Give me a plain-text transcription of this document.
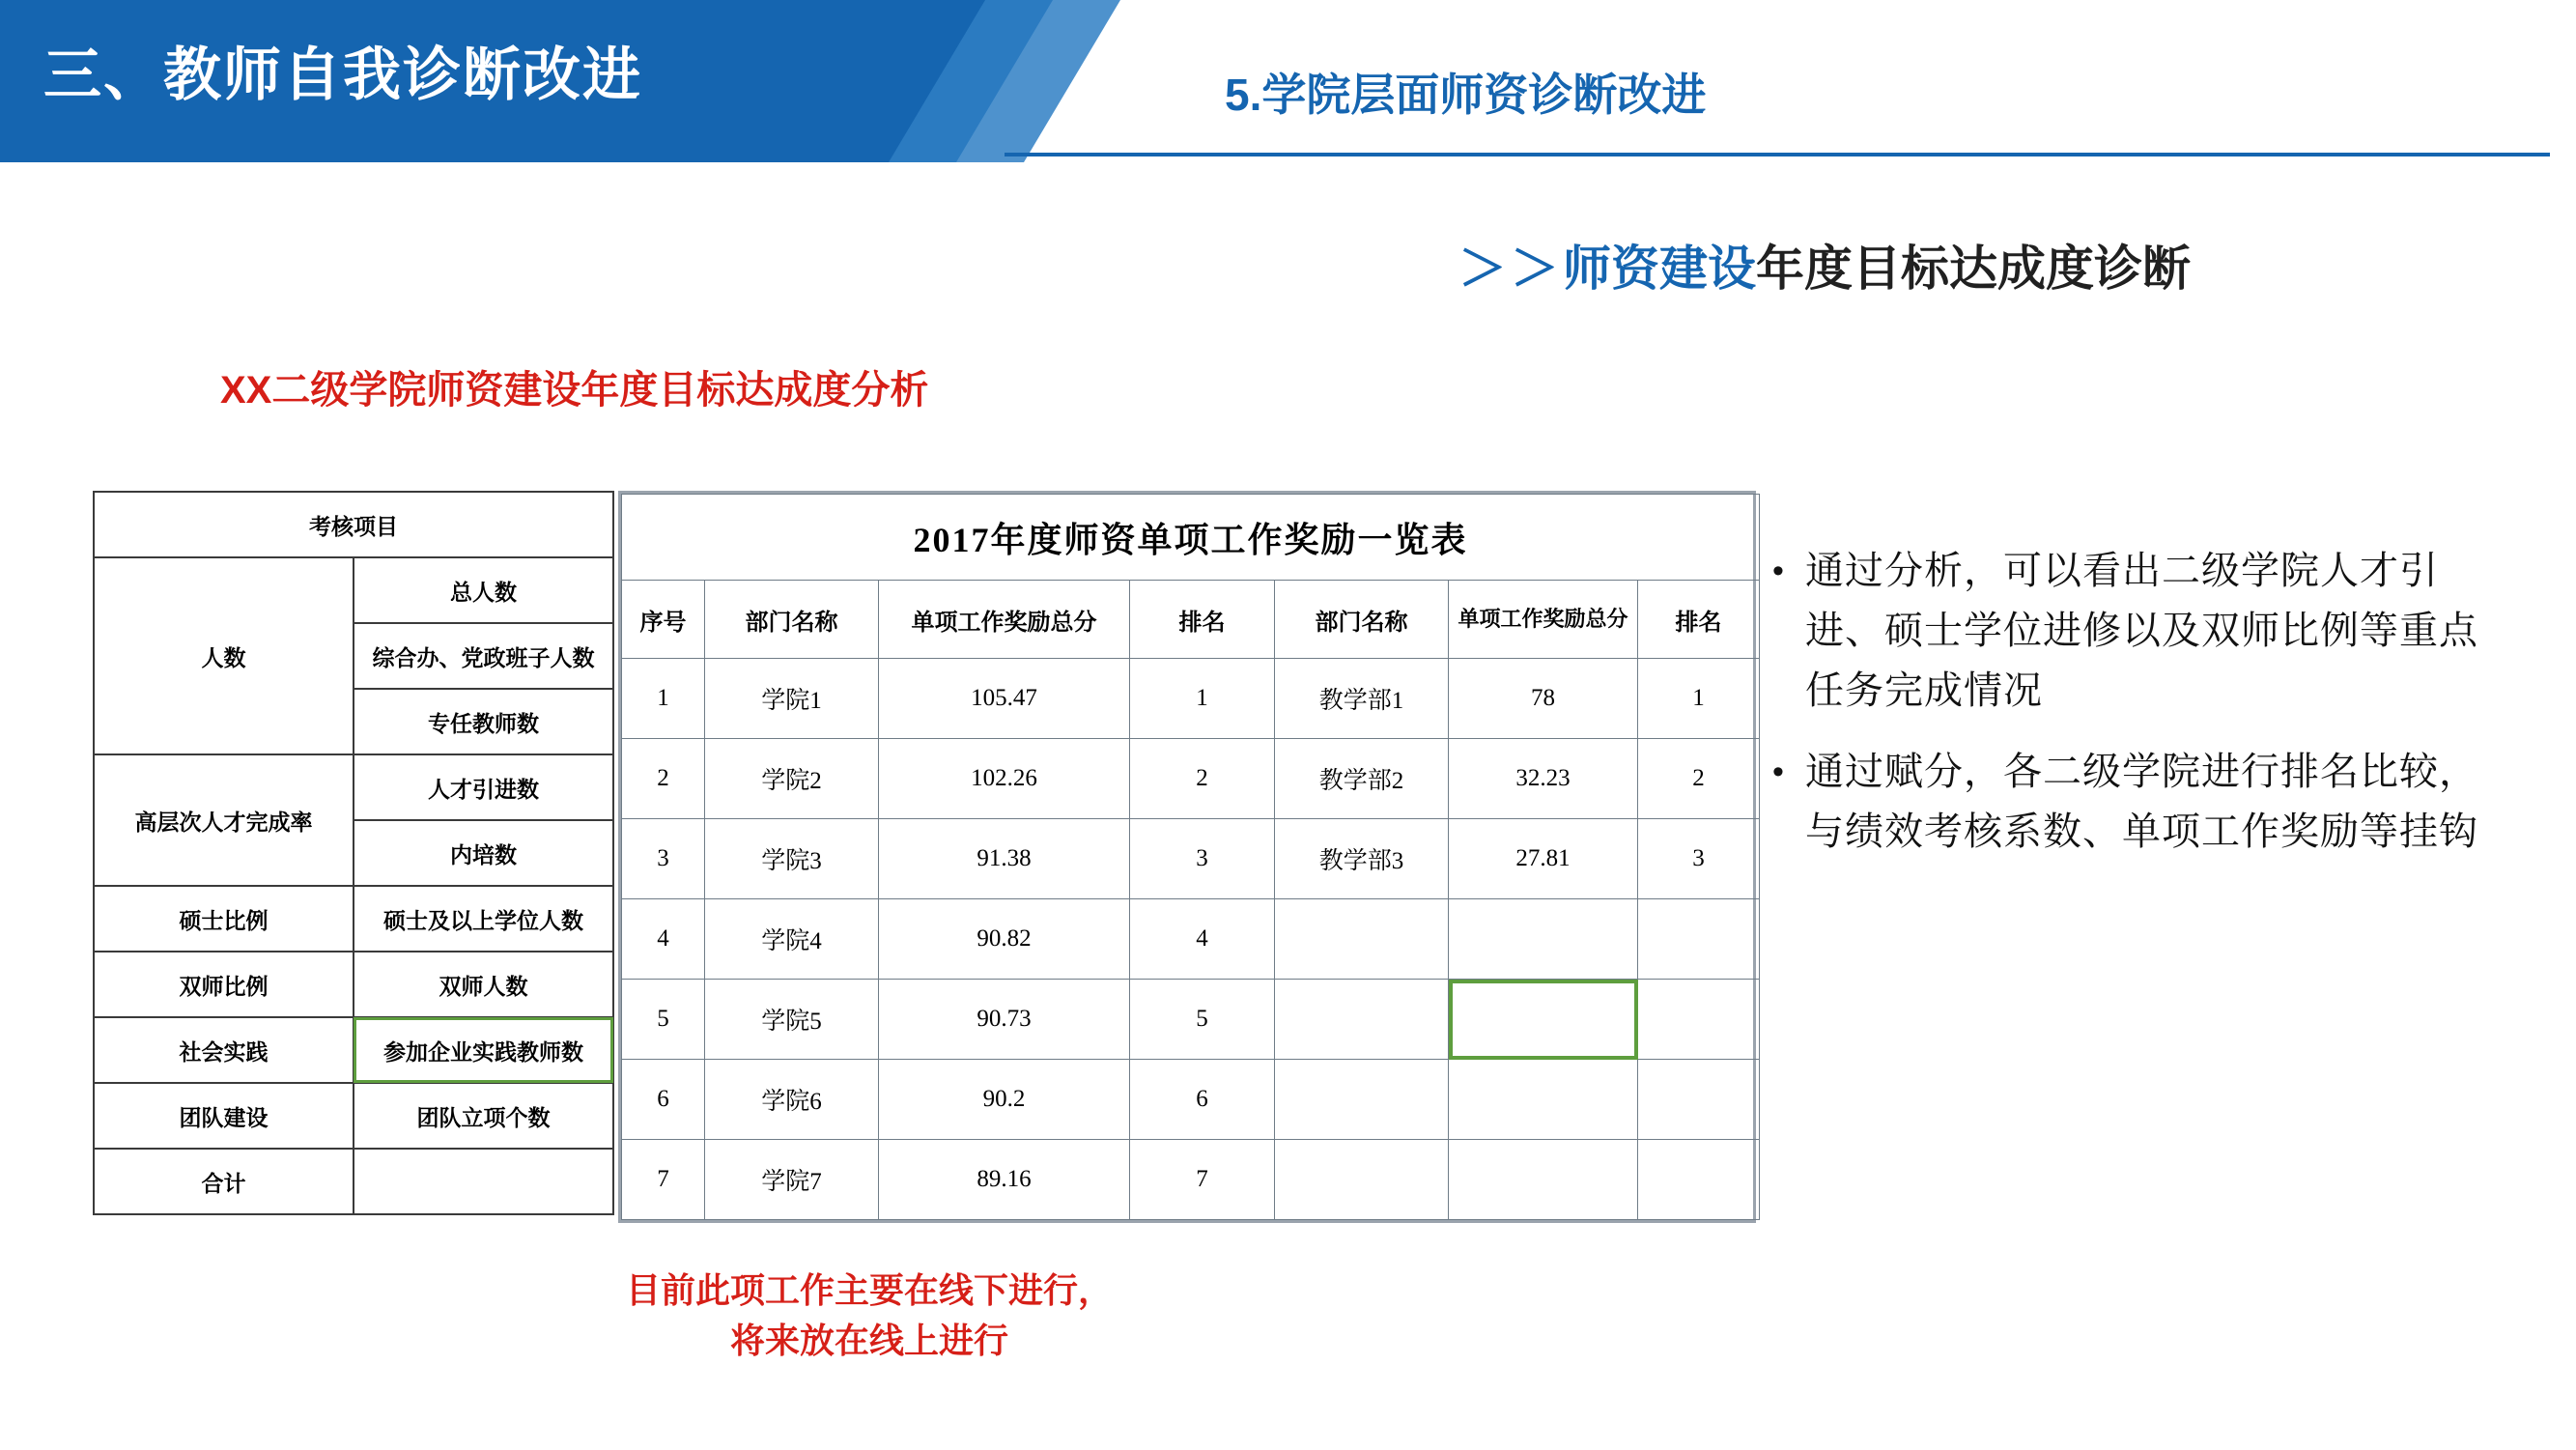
三、教师自我诊断改进	5.学院层面师资诊断改进
＞＞师资建设年度目标达成度诊断
XX二级学院师资建设年度目标达成度分析
考核项目	
人数	总人数
	综合办、党政班子人数
	专任教师数
高层次人才完成率	人才引进数
	内培数
硕士比例	硕士及以上学位人数
双师比例	双师人数
社会实践	参加企业实践教师数
团队建设	团队立项个数
合计	
2017年度师资单项工作奖励一览表						
序号	部门名称	单项工作奖励总分	排名	部门名称	单项工作奖励总分	排名
1	学院1	105.47	1	教学部1	78	1
2	学院2	102.26	2	教学部2	32.23	2
3	学院3	91.38	3	教学部3	27.81	3
4	学院4	90.82	4			
5	学院5	90.73	5			
6	学院6	90.2	6			
7	学院7	89.16	7			
• 通过分析，可以看出二级学院人才引进、硕士学位进修以及双师比例等重点任务完成情况
• 通过赋分，各二级学院进行排名比较，与绩效考核系数、单项工作奖励等挂钩
目前此项工作主要在线下进行，
将来放在线上进行
